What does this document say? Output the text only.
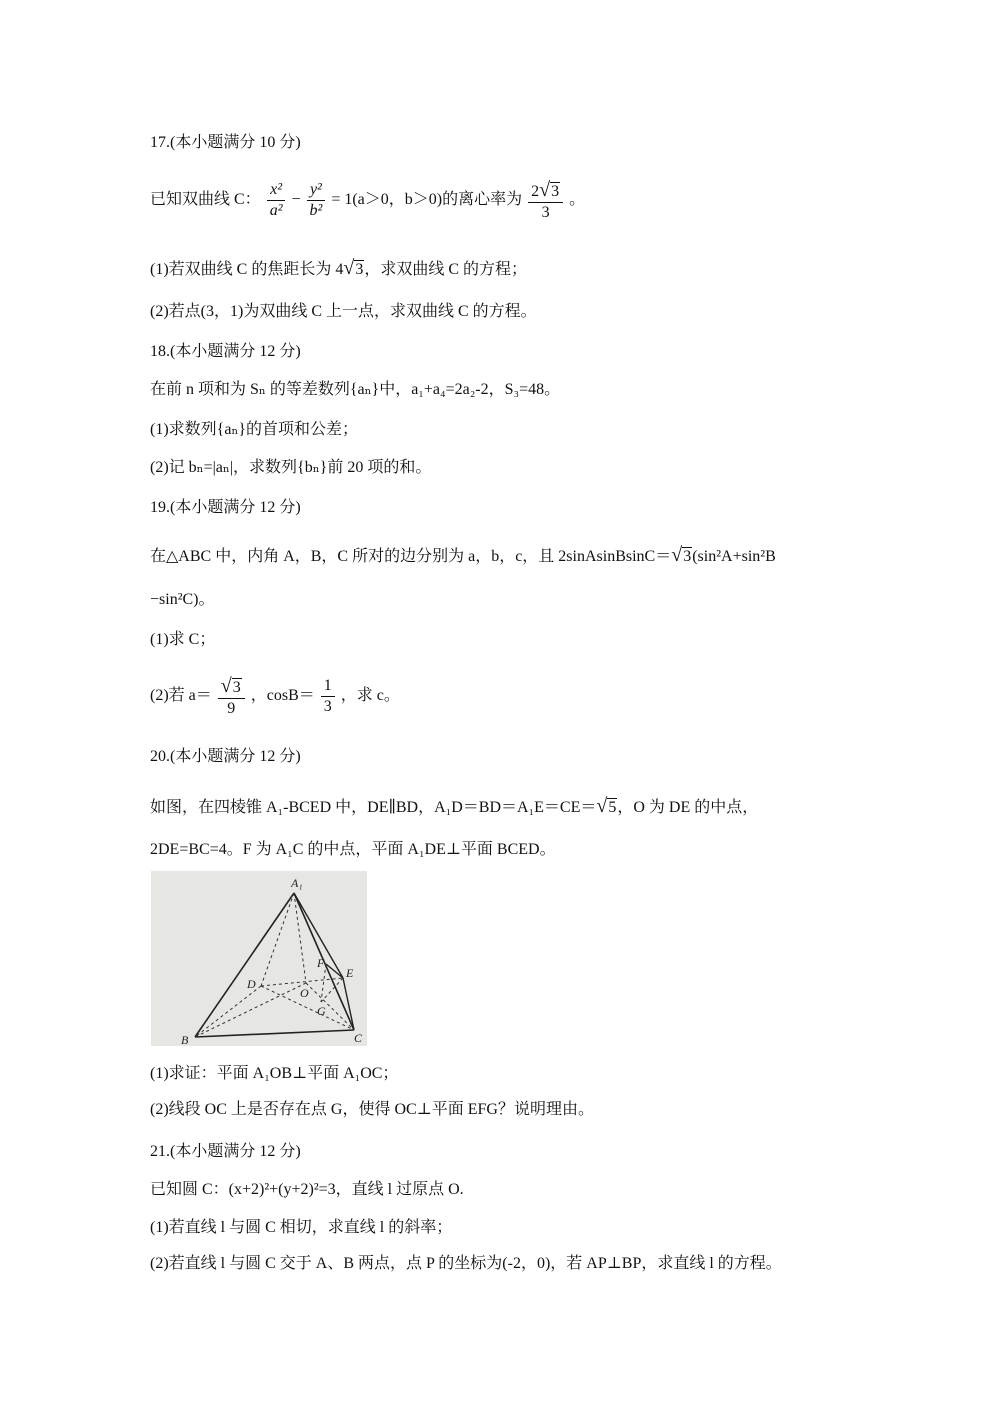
17.(本小题满分 10 分)
已知双曲线 C： $\frac{\text{x²}}{\text{a²}} - \frac{\text{y²}}{\text{b²}} = 1(a>0$，b＞0)的离心率为 $\frac{2√3}{3}$ 。
(1)若双曲线 C 的焦距长为 4√3，求双曲线 C 的方程；
(2)若点(3，1)为双曲线 C 上一点，求双曲线 C 的方程。
18.(本小题满分 12 分)
在前 n 项和为 Sₙ 的等差数列{aₙ}中，a₁+a₄=2a₂-2，S₃=48。
(1)求数列{aₙ}的首项和公差；
(2)记 bₙ=|aₙ|，求数列{bₙ}前 20 项的和。
19.(本小题满分 12 分)
在△ABC 中，内角 A，B，C 所对的边分别为 a，b，c，且 2sinAsinBsinC＝√3(sin²A+sin²B
−sin²C)。
(1)求 C；
(2)若 $a= \frac{√3}{9}$ ，$\cos B= \frac{1}{3}$ ，求 c。
20.(本小题满分 12 分)
如图，在四棱锥 A₁-BCED 中，DE∥BD，A₁D＝BD＝A₁E＝CE＝√5，O 为 DE 的中点，
2DE=BC=4。F 为 A₁C 的中点，平面 A₁DE⊥平面 BCED。
A₁
B	C
D
E
O
F
G
(1)求证：平面 A₁OB⊥平面 A₁OC；
(2)线段 OC 上是否存在点 G，使得 OC⊥平面 EFG？说明理由。
21.(本小题满分 12 分)
已知圆 C：(x+2)²+(y+2)²=3，直线 l 过原点 O.
(1)若直线 l 与圆 C 相切，求直线 l 的斜率；
(2)若直线 l 与圆 C 交于 A、B 两点，点 P 的坐标为(-2，0)，若 AP⊥BP，求直线 l 的方程。
